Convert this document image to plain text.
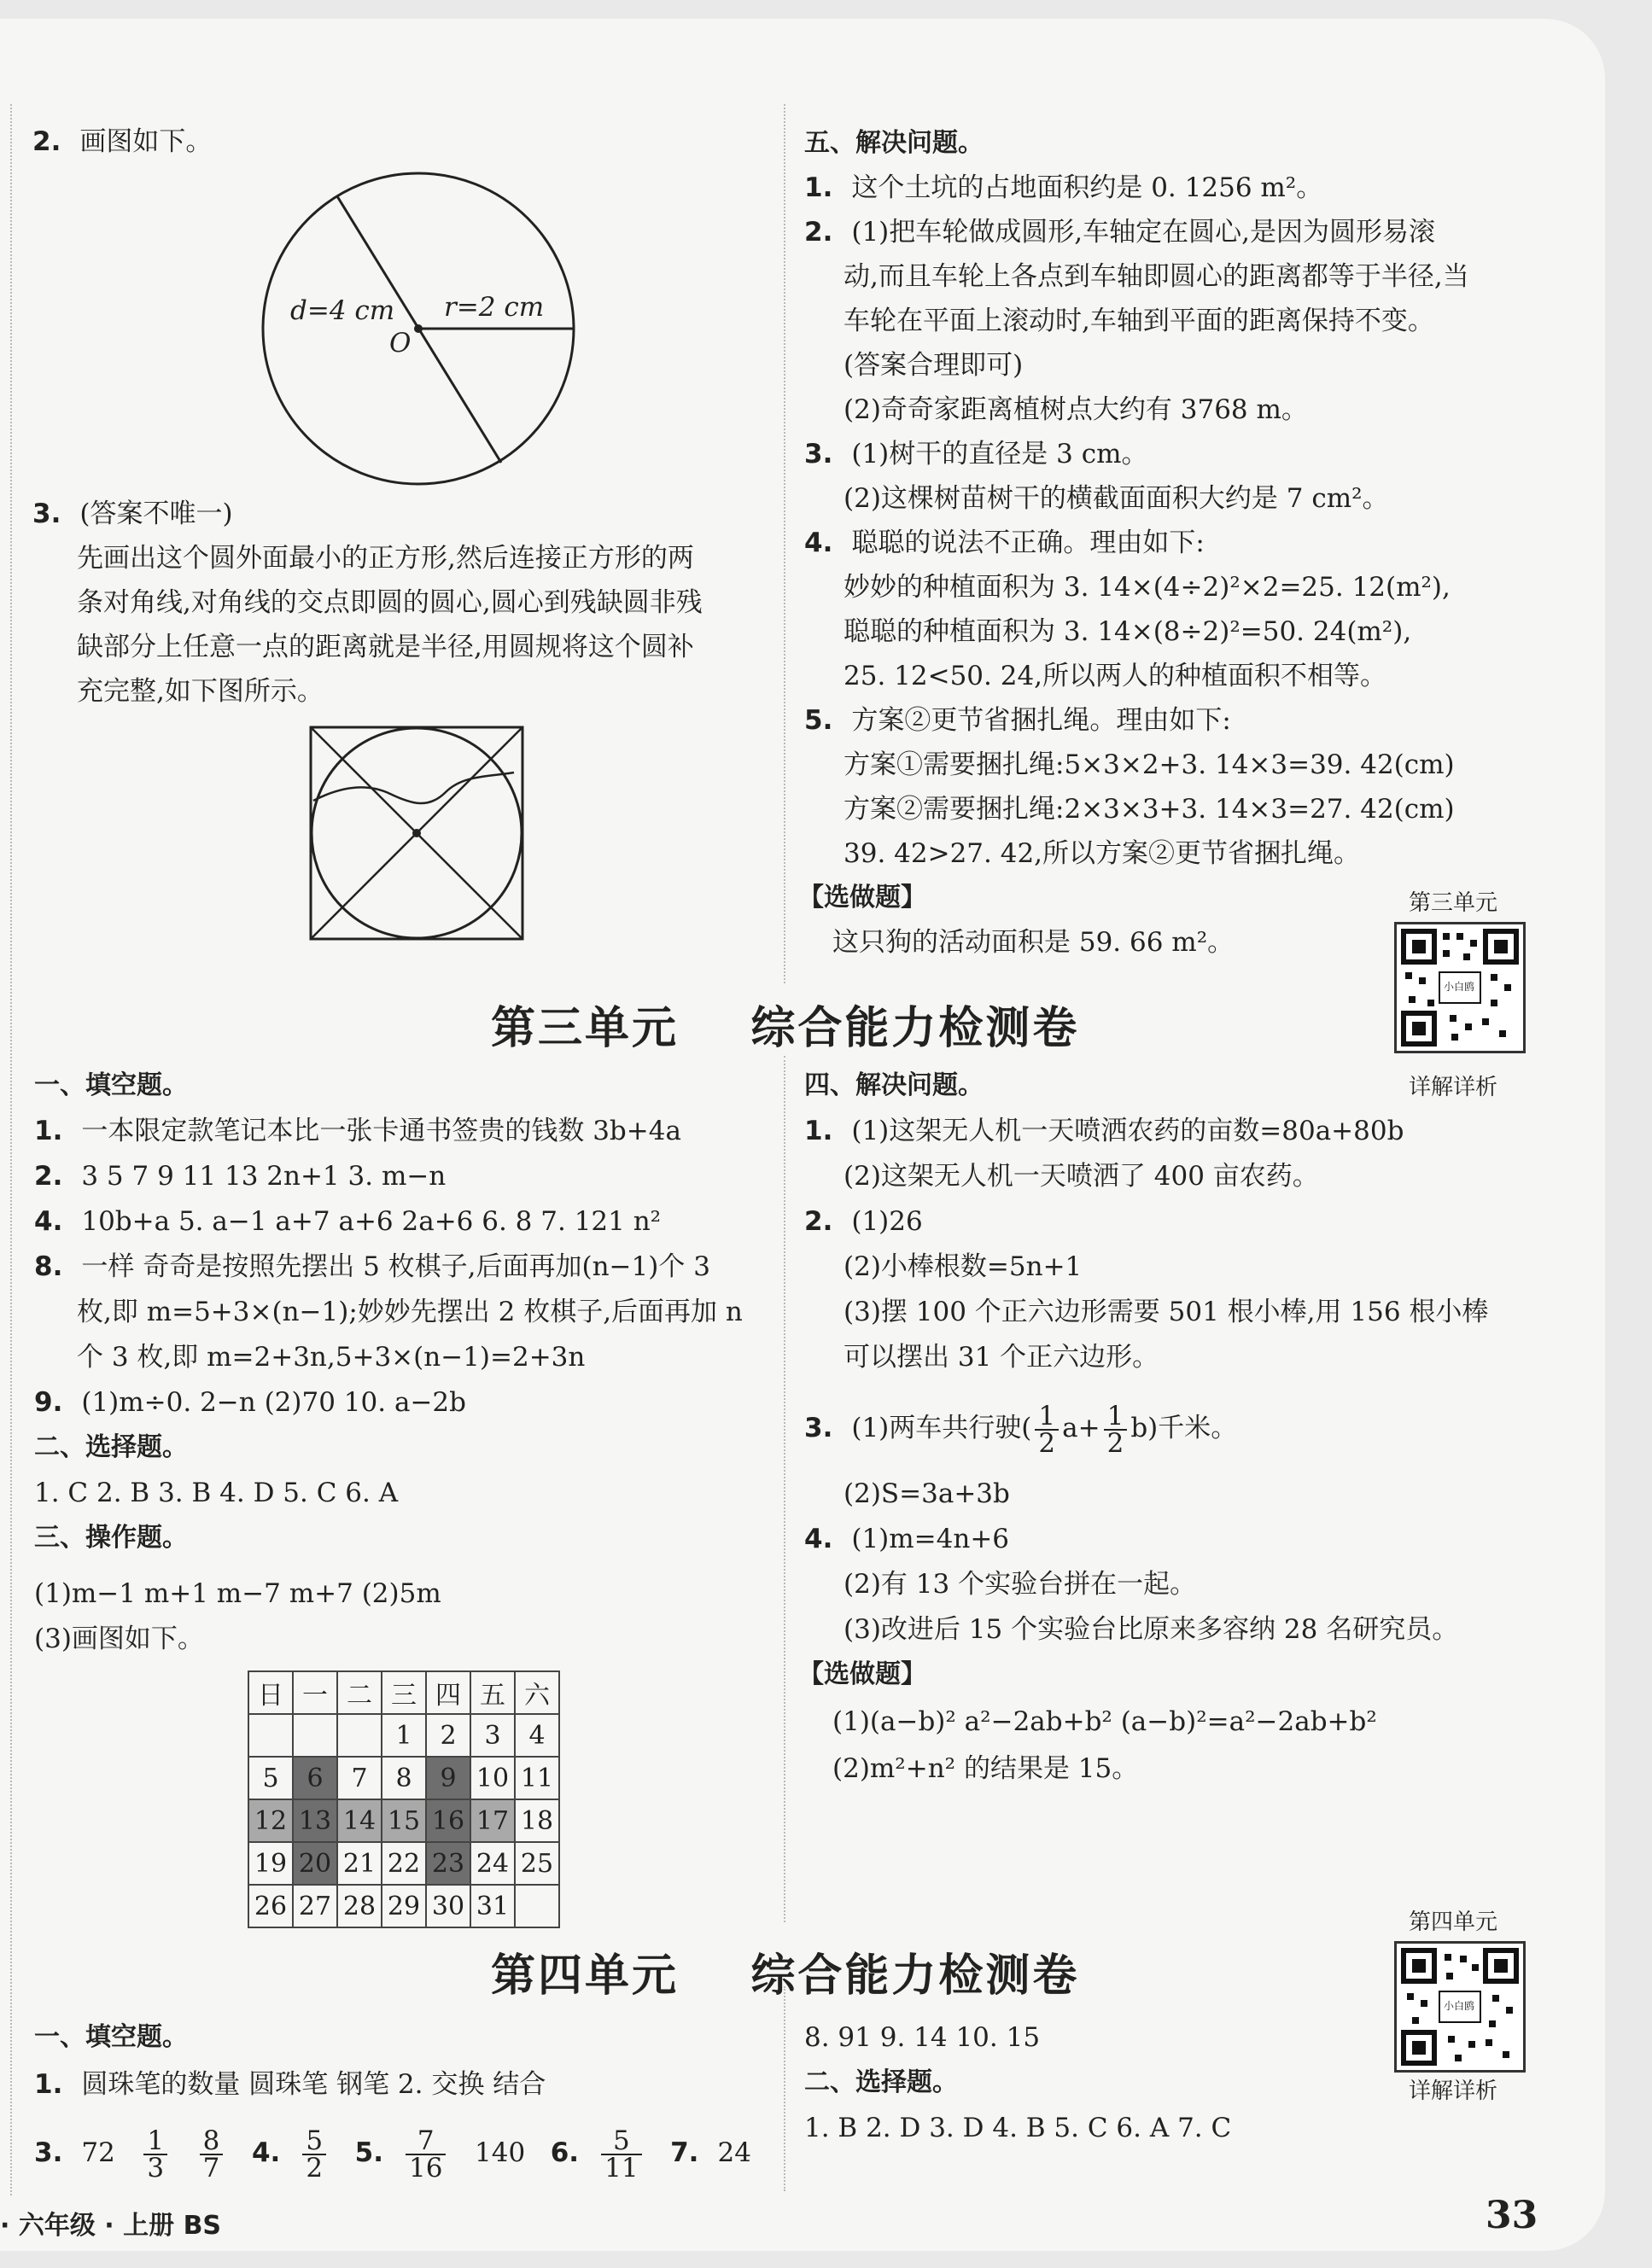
2. 画图如下。
d=4 cm r=2 cm
O
3. (答案不唯一)
先画出这个圆外面最小的正方形,然后连接正方形的两
条对角线,对角线的交点即圆的圆心,圆心到残缺圆非残
缺部分上任意一点的距离就是半径,用圆规将这个圆补
充完整,如下图所示。
五、解决问题。
1. 这个土坑的占地面积约是 0. 1256 m²。
2. (1)把车轮做成圆形,车轴定在圆心,是因为圆形易滚
动,而且车轮上各点到车轴即圆心的距离都等于半径,当
车轮在平面上滚动时,车轴到平面的距离保持不变。
(答案合理即可)
(2)奇奇家距离植树点大约有 3768 m。
3. (1)树干的直径是 3 cm。
(2)这棵树苗树干的横截面面积大约是 7 cm²。
4. 聪聪的说法不正确。理由如下:
妙妙的种植面积为 3. 14×(4÷2)²×2=25. 12(m²),
聪聪的种植面积为 3. 14×(8÷2)²=50. 24(m²),
25. 12<50. 24,所以两人的种植面积不相等。
5. 方案②更节省捆扎绳。理由如下:
方案①需要捆扎绳:5×3×2+3. 14×3=39. 42(cm)
方案②需要捆扎绳:2×3×3+3. 14×3=27. 42(cm)
39. 42>27. 42,所以方案②更节省捆扎绳。
【选做题】
这只狗的活动面积是 59. 66 m²。
第三单元
小白鸥
详解详析
第三单元    综合能力检测卷
一、填空题。
1. 一本限定款笔记本比一张卡通书签贵的钱数 3b+4a
2. 3 5 7 9 11 13 2n+1 3. m−n
4. 10b+a 5. a−1 a+7 a+6 2a+6 6. 8 7. 121 n²
8. 一样 奇奇是按照先摆出 5 枚棋子,后面再加(n−1)个 3
枚,即 m=5+3×(n−1);妙妙先摆出 2 枚棋子,后面再加 n
个 3 枚,即 m=2+3n,5+3×(n−1)=2+3n
9. (1)m÷0. 2−n (2)70 10. a−2b
二、选择题。
1. C 2. B 3. B 4. D 5. C 6. A
三、操作题。
(1)m−1 m+1 m−7 m+7 (2)5m
(3)画图如下。
日	一	二	三	四	五	六
			1	2	3	4
5	6	7	8	9	10	11
12	13	14	15	16	17	18
19	20	21	22	23	24	25
26	27	28	29	30	31	
四、解决问题。
1. (1)这架无人机一天喷洒农药的亩数=80a+80b
(2)这架无人机一天喷洒了 400 亩农药。
2. (1)26
(2)小棒根数=5n+1
(3)摆 100 个正六边形需要 501 根小棒,用 156 根小棒
可以摆出 31 个正六边形。
3. (1)两车共行驶( $\frac{1}{2} a+ \frac{1}{2} b$)千米。
(2)S=3a+3b
4. (1)m=4n+6
(2)有 13 个实验台拼在一起。
(3)改进后 15 个实验台比原来多容纳 28 名研究员。
【选做题】
(1)(a−b)² a²−2ab+b² (a−b)²=a²−2ab+b²
(2)m²+n² 的结果是 15。
第四单元
小白鸥
详解详析
第四单元    综合能力检测卷
一、填空题。
1. 圆珠笔的数量 圆珠笔 钢笔 2. 交换 结合
3. $72 \frac{1}{3}$
$\frac{8}{7} 4$. $\frac{5}{2} 5$. $\frac{7}{16} 140$ 6. $\frac{5}{11} 7$. 24
8. 91 9. 14 10. 15
二、选择题。
1. B 2. D 3. D 4. B 5. C 6. A 7. C
· 六年级 · 上册 BS	33
